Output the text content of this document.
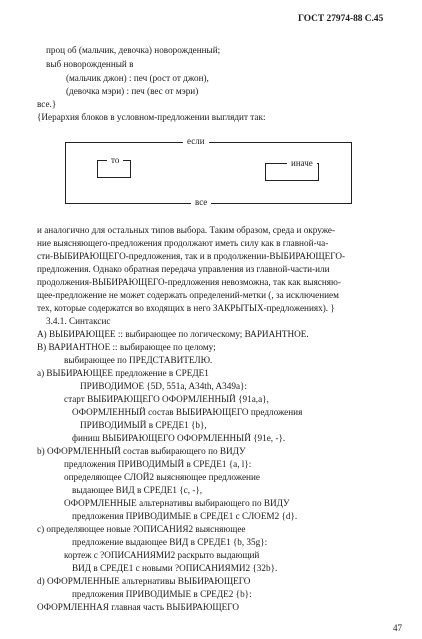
ГОСТ 27974-88 С.45
проц об (мальчик, девочка) новорожденный;
выб новорожденный в
(мальчик джон) : печ (рост от джон),
(девочка мэри) : печ (вес от мэри)
все.}
{Иерархия блоков в условном-предложении выглядит так:
если
то	иначе
все
и аналогично для остальных типов выбора. Таким образом, среда и окруже-
ние выясняющего-предложения продолжают иметь силу как в главной-ча-
сти-ВЫБИРАЮЩЕГО-предложения, так и в продолжении-ВЫБИРАЮЩЕГО-
предложения. Однако обратная передача управления из главной-части-или
продолжения-ВЫБИРАЮЩЕГО-предложения невозможна, так как выясняю-
щее-предложение не может содержать определений-метки (, за исключением
тех, которые содержатся во входящих в него ЗАКРЫТЫХ-предложениях). }
3.4.1. Синтаксис
А) ВЫБИРАЮЩЕЕ :: выбирающее по логическому; ВАРИАНТНОЕ.
В) ВАРИАНТНОЕ :: выбирающее по целому;
выбирающее по ПРЕДСТАВИТЕЛЮ.
а) ВЫБИРАЮЩЕЕ предложение в СРЕДЕ1
ПРИВОДИМОЕ {5D, 551a, A34th, A349a}:
старт ВЫБИРАЮЩЕГО ОФОРМЛЕННЫЙ {91a,a},
ОФОРМЛЕННЫЙ состав ВЫБИРАЮЩЕГО предложения
ПРИВОДИМЫЙ в СРЕДЕ1 {b},
финиш ВЫБИРАЮЩЕГО ОФОРМЛЕННЫЙ {91e, -}.
b) ОФОРМЛЕННЫЙ состав выбирающего по ВИДУ
предложения ПРИВОДИМЫЙ в СРЕДЕ1 {a, l}:
определяющее СЛОЙ2 выясняющее предложение
выдающее ВИД в СРЕДЕ1 {c, -},
ОФОРМЛЕННЫЕ альтернативы выбирающего по ВИДУ
предложения ПРИВОДИМЫЕ в СРЕДЕ1 с СЛОЕМ2 {d}.
с) определяющее новые ?ОПИСАНИЯ2 выясняющее
предложение выдающее ВИД в СРЕДЕ1 {b, 35g}:
кортеж с ?ОПИСАНИЯМИ2 раскрыто выдающий
ВИД в СРЕДЕ1 с новыми ?ОПИСАНИЯМИ2 {32b}.
d) ОФОРМЛЕННЫЕ альтернативы ВЫБИРАЮЩЕГО
предложения ПРИВОДИМЫЕ в СРЕДЕ2 {b}:
ОФОРМЛЕННАЯ главная часть ВЫБИРАЮЩЕГО
47
